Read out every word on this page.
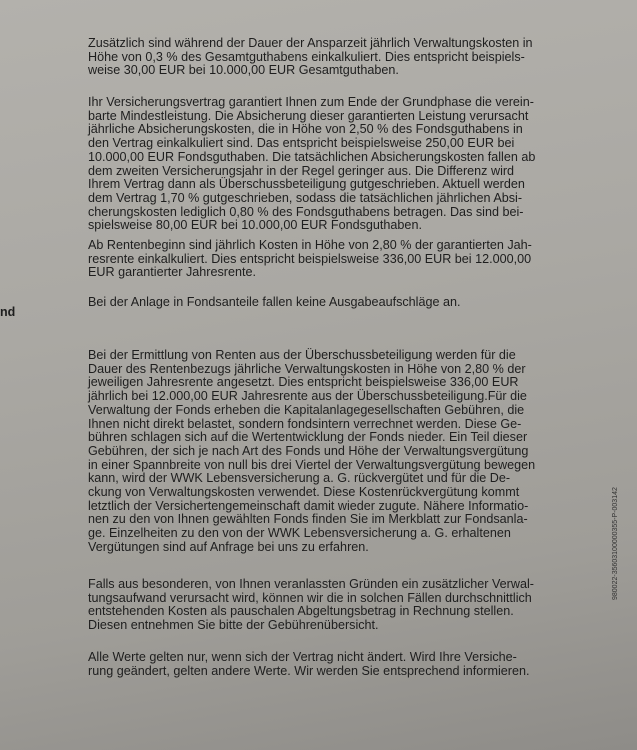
nd
Zusätzlich sind während der Dauer der Ansparzeit jährlich Verwaltungskosten in
Höhe von 0,3 % des Gesamtguthabens einkalkuliert. Dies entspricht beispiels-
weise 30,00 EUR bei 10.000,00 EUR Gesamtguthaben.
Ihr Versicherungsvertrag garantiert Ihnen zum Ende der Grundphase die verein-
barte Mindestleistung. Die Absicherung dieser garantierten Leistung verursacht
jährliche Absicherungskosten, die in Höhe von 2,50 % des Fondsguthabens in
den Vertrag einkalkuliert sind. Das entspricht beispielsweise 250,00 EUR bei
10.000,00 EUR Fondsguthaben. Die tatsächlichen Absicherungskosten fallen ab
dem zweiten Versicherungsjahr in der Regel geringer aus. Die Differenz wird
Ihrem Vertrag dann als Überschussbeteiligung gutgeschrieben. Aktuell werden
dem Vertrag 1,70 % gutgeschrieben, sodass die tatsächlichen jährlichen Absi-
cherungskosten lediglich 0,80 % des Fondsguthabens betragen. Das sind bei-
spielsweise 80,00 EUR bei 10.000,00 EUR Fondsguthaben.
Ab Rentenbeginn sind jährlich Kosten in Höhe von 2,80 % der garantierten Jah-
resrente einkalkuliert. Dies entspricht beispielsweise 336,00 EUR bei 12.000,00
EUR garantierter Jahresrente.
Bei der Anlage in Fondsanteile fallen keine Ausgabeaufschläge an.
Bei der Ermittlung von Renten aus der Überschussbeteiligung werden für die
Dauer des Rentenbezugs jährliche Verwaltungskosten in Höhe von 2,80 % der
jeweiligen Jahresrente angesetzt. Dies entspricht beispielsweise 336,00 EUR
jährlich bei 12.000,00 EUR Jahresrente aus der Überschussbeteiligung.Für die
Verwaltung der Fonds erheben die Kapitalanlagegesellschaften Gebühren, die
Ihnen nicht direkt belastet, sondern fondsintern verrechnet werden. Diese Ge-
bühren schlagen sich auf die Wertentwicklung der Fonds nieder. Ein Teil dieser
Gebühren, der sich je nach Art des Fonds und Höhe der Verwaltungsvergütung
in einer Spannbreite von null bis drei Viertel der Verwaltungsvergütung bewegen
kann, wird der WWK Lebensversicherung a. G. rückvergütet und für die De-
ckung von Verwaltungskosten verwendet. Diese Kostenrückvergütung kommt
letztlich der Versichertengemeinschaft damit wieder zugute. Nähere Informatio-
nen zu den von Ihnen gewählten Fonds finden Sie im Merkblatt zur Fondsanla-
ge. Einzelheiten zu den von der WWK Lebensversicherung a. G. erhaltenen
Vergütungen sind auf Anfrage bei uns zu erfahren.
Falls aus besonderen, von Ihnen veranlassten Gründen ein zusätzlicher Verwal-
tungsaufwand verursacht wird, können wir die in solchen Fällen durchschnittlich
entstehenden Kosten als pauschalen Abgeltungsbetrag in Rechnung stellen.
Diesen entnehmen Sie bitte der Gebührenübersicht.
Alle Werte gelten nur, wenn sich der Vertrag nicht ändert. Wird Ihre Versiche-
rung geändert, gelten andere Werte. Wir werden Sie entsprechend informieren.
980022-35603100000355-P-003142
